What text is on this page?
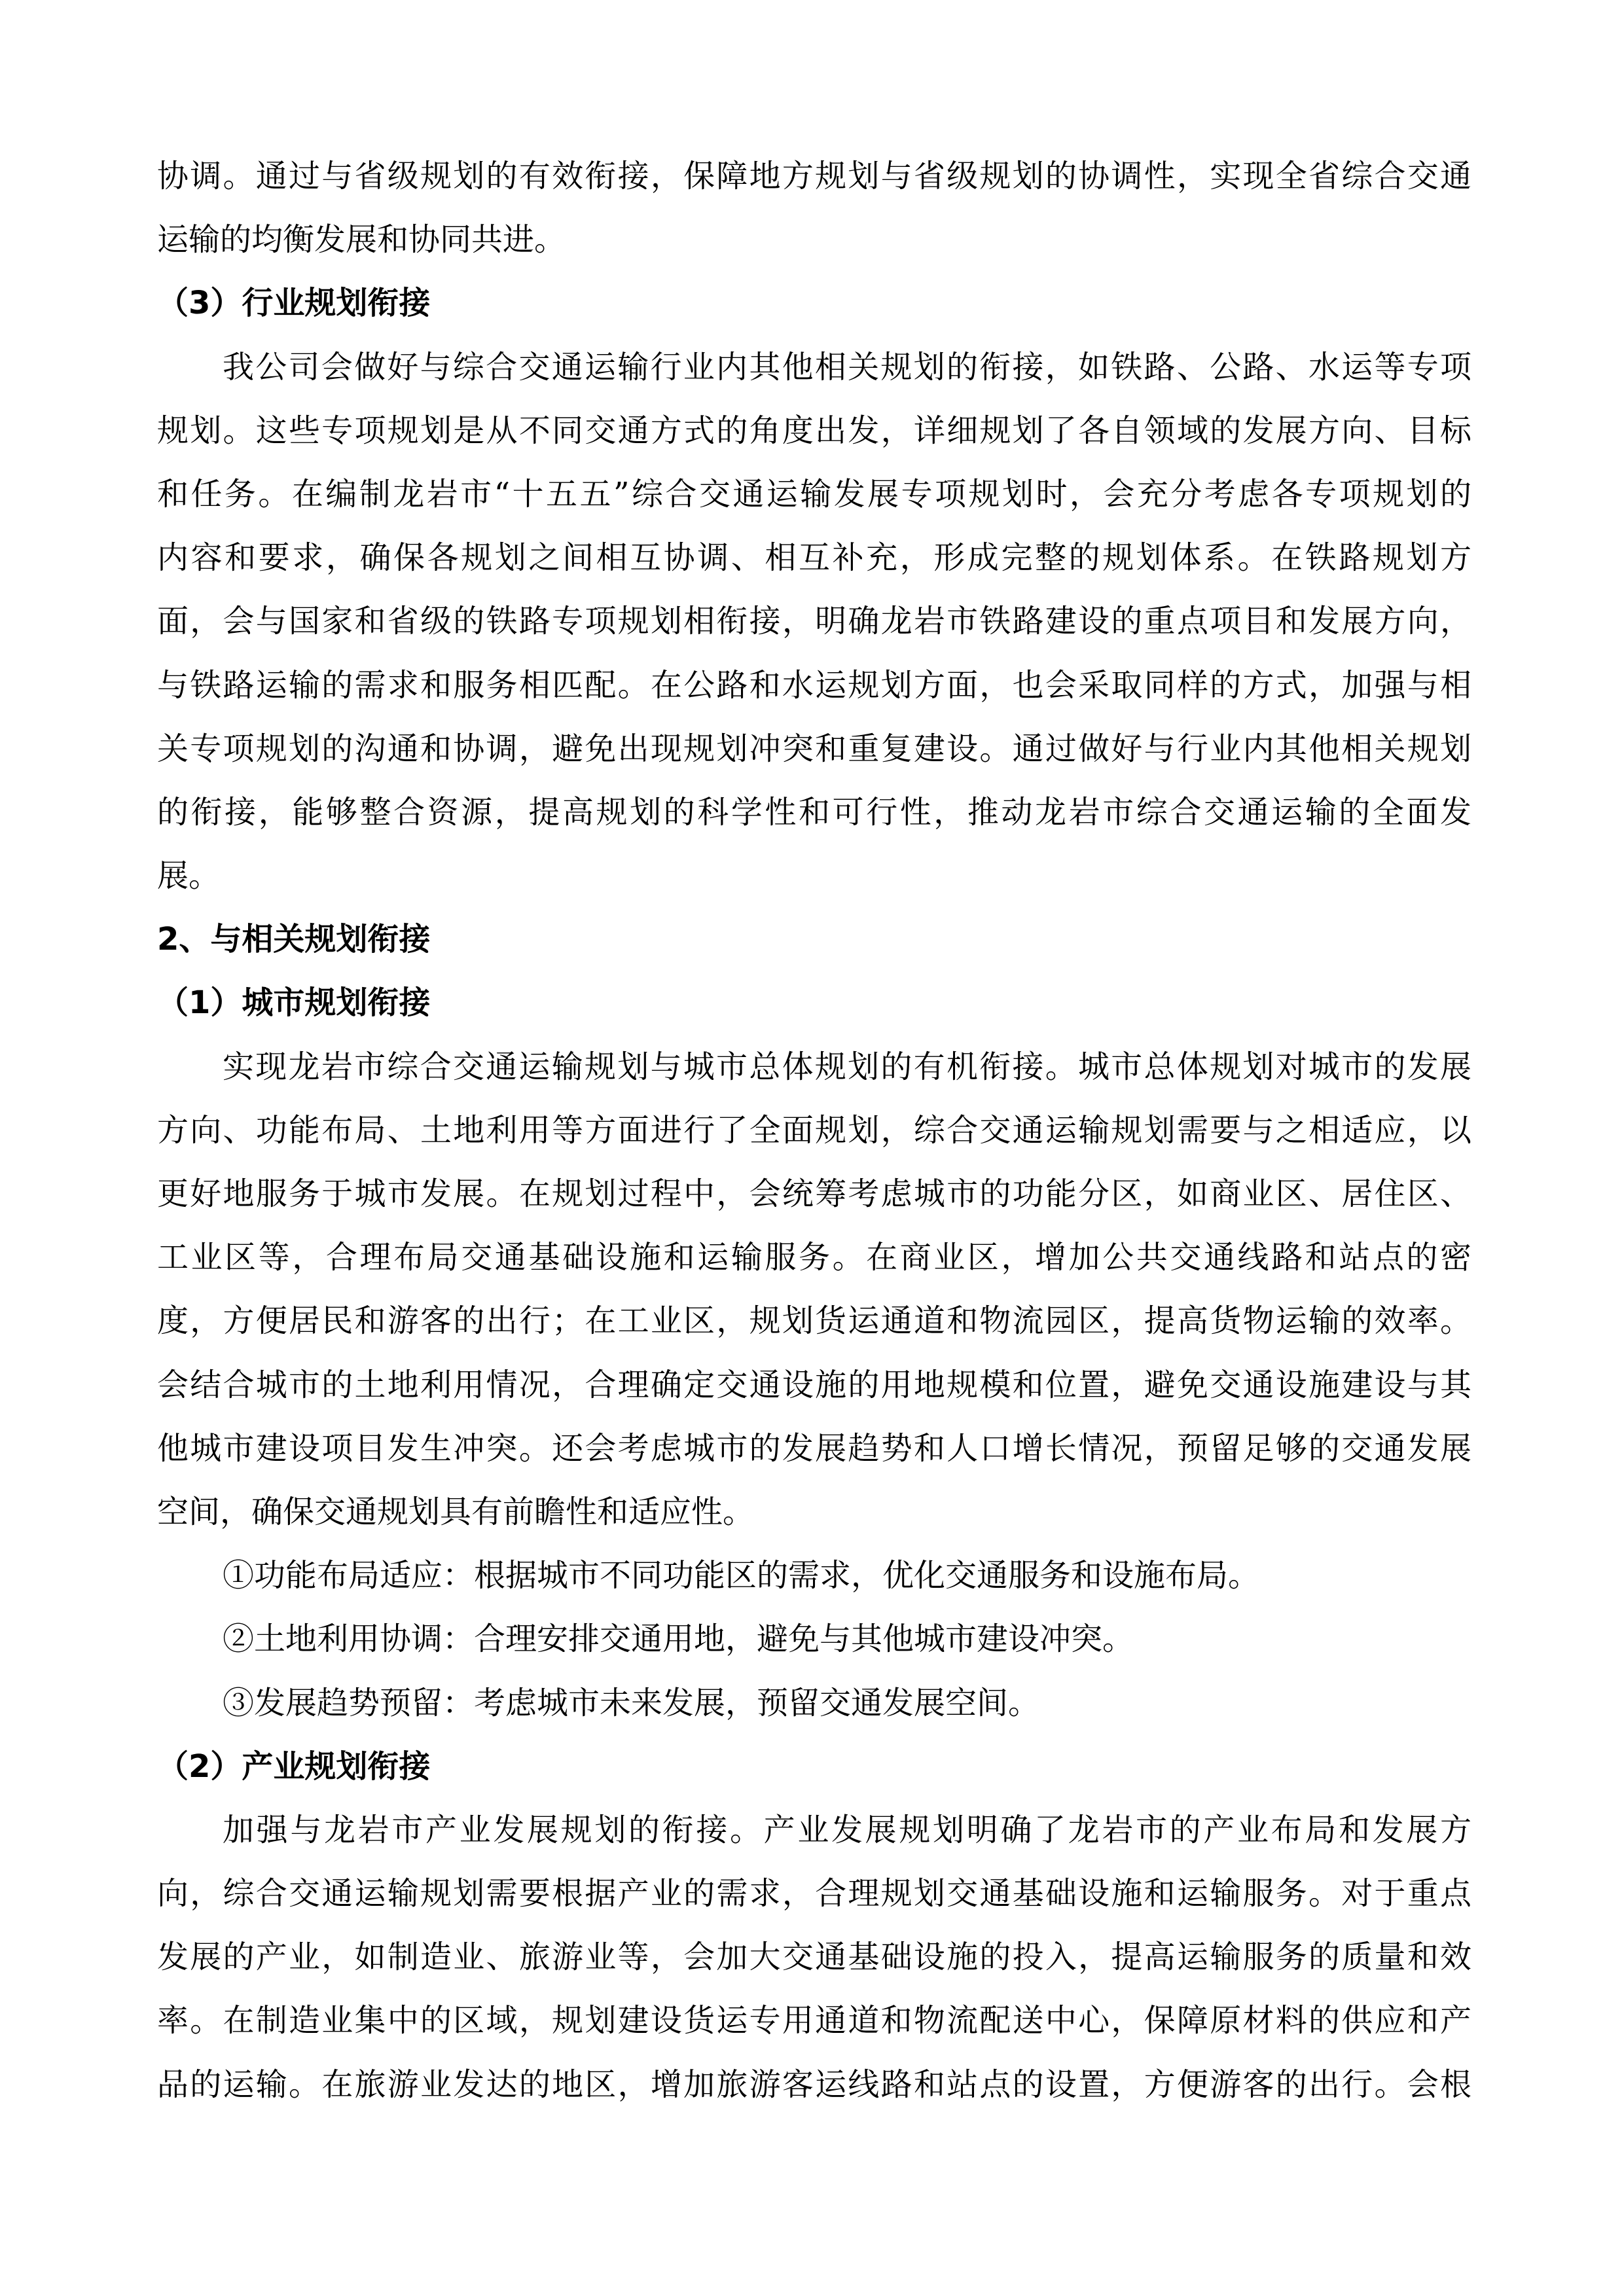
协调。通过与省级规划的有效衔接，保障地方规划与省级规划的协调性，实现全省综合交通
运输的均衡发展和协同共进。
（3）行业规划衔接
我公司会做好与综合交通运输行业内其他相关规划的衔接，如铁路、公路、水运等专项
规划。这些专项规划是从不同交通方式的角度出发，详细规划了各自领域的发展方向、目标
和任务。在编制龙岩市“十五五”综合交通运输发展专项规划时，会充分考虑各专项规划的
内容和要求，确保各规划之间相互协调、相互补充，形成完整的规划体系。在铁路规划方
面，会与国家和省级的铁路专项规划相衔接，明确龙岩市铁路建设的重点项目和发展方向，
与铁路运输的需求和服务相匹配。在公路和水运规划方面，也会采取同样的方式，加强与相
关专项规划的沟通和协调，避免出现规划冲突和重复建设。通过做好与行业内其他相关规划
的衔接，能够整合资源，提高规划的科学性和可行性，推动龙岩市综合交通运输的全面发
展。
2、与相关规划衔接
（1）城市规划衔接
实现龙岩市综合交通运输规划与城市总体规划的有机衔接。城市总体规划对城市的发展
方向、功能布局、土地利用等方面进行了全面规划，综合交通运输规划需要与之相适应，以
更好地服务于城市发展。在规划过程中，会统筹考虑城市的功能分区，如商业区、居住区、
工业区等，合理布局交通基础设施和运输服务。在商业区，增加公共交通线路和站点的密
度，方便居民和游客的出行；在工业区，规划货运通道和物流园区，提高货物运输的效率。
会结合城市的土地利用情况，合理确定交通设施的用地规模和位置，避免交通设施建设与其
他城市建设项目发生冲突。还会考虑城市的发展趋势和人口增长情况，预留足够的交通发展
空间，确保交通规划具有前瞻性和适应性。
①功能布局适应：根据城市不同功能区的需求，优化交通服务和设施布局。
②土地利用协调：合理安排交通用地，避免与其他城市建设冲突。
③发展趋势预留：考虑城市未来发展，预留交通发展空间。
（2）产业规划衔接
加强与龙岩市产业发展规划的衔接。产业发展规划明确了龙岩市的产业布局和发展方
向，综合交通运输规划需要根据产业的需求，合理规划交通基础设施和运输服务。对于重点
发展的产业，如制造业、旅游业等，会加大交通基础设施的投入，提高运输服务的质量和效
率。在制造业集中的区域，规划建设货运专用通道和物流配送中心，保障原材料的供应和产
品的运输。在旅游业发达的地区，增加旅游客运线路和站点的设置，方便游客的出行。会根
